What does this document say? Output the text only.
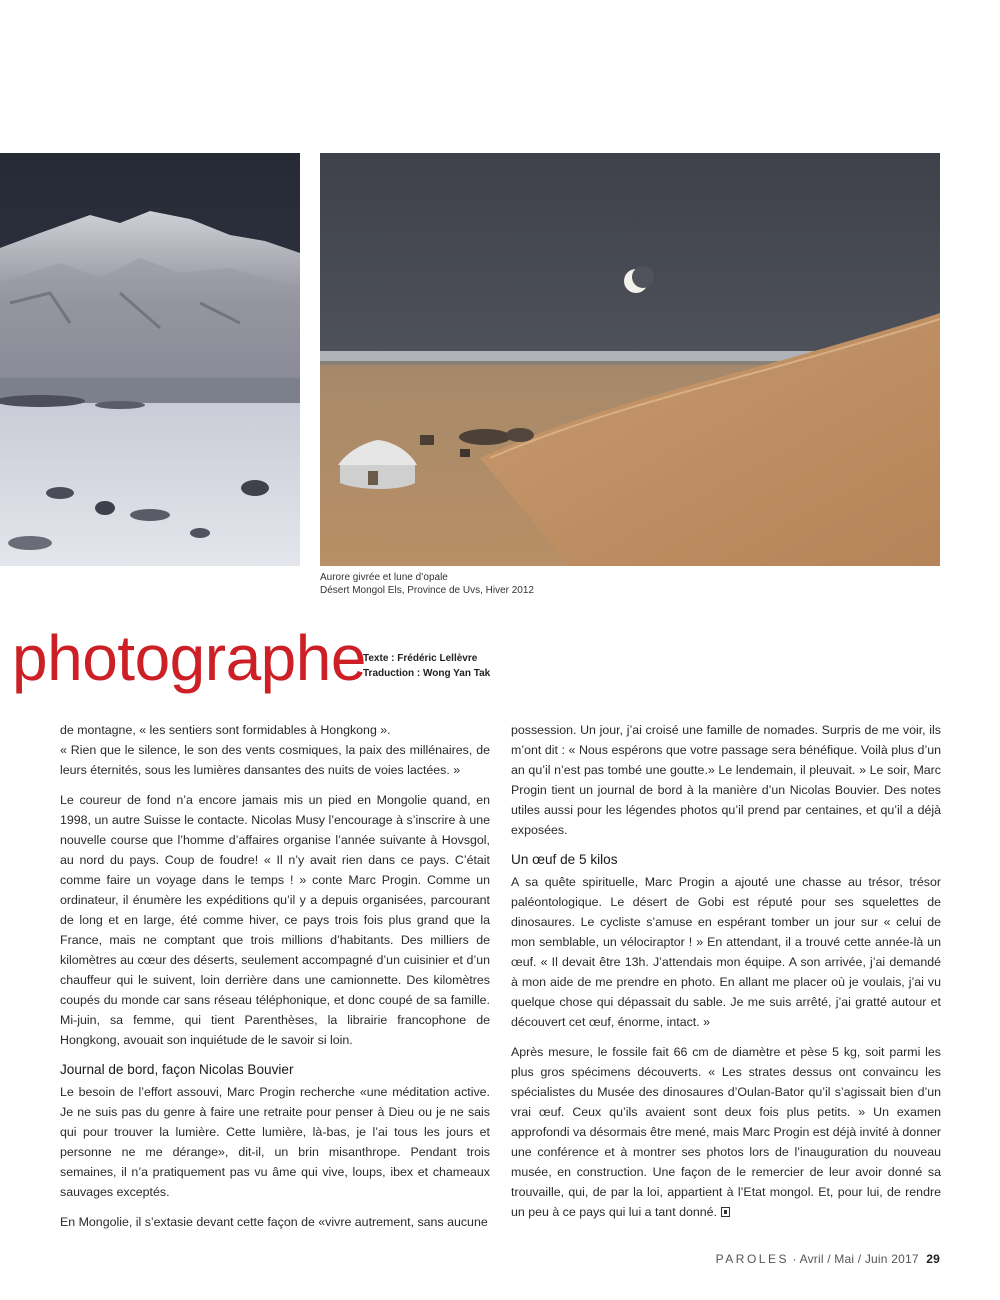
Aurore givrée et lune d’opale
Désert Mongol Els, Province de Uvs, Hiver 2012
photographe
Texte : Frédéric Lellèvre
Traduction : Wong Yan Tak

de montagne, « les sentiers sont formidables à Hongkong ».

« Rien que le silence, le son des vents cosmiques, la paix des millénaires, de leurs éternités, sous les lumières dansantes des nuits de voies lactées. »

Le coureur de fond n’a encore jamais mis un pied en Mongolie quand, en 1998, un autre Suisse le contacte. Nicolas Musy l’encourage à s’inscrire à une nouvelle course que l’homme d’affaires organise l’année suivante à Hovsgol, au nord du pays. Coup de foudre! « Il n’y avait rien dans ce pays. C’était comme faire un voyage dans le temps ! » conte Marc Progin. Comme un ordinateur, il énumère les expéditions qu’il y a depuis organisées, parcourant de long et en large, été comme hiver, ce pays trois fois plus grand que la France, mais ne comptant que trois millions d’habitants. Des milliers de kilomètres au cœur des déserts, seulement accompagné d’un cuisinier et d’un chauffeur qui le suivent, loin derrière dans une camionnette. Des kilomètres coupés du monde car sans réseau téléphonique, et donc coupé de sa famille. Mi-juin, sa femme, qui tient Parenthèses, la librairie francophone de Hongkong, avouait son inquiétude de le savoir si loin.

Journal de bord, façon Nicolas Bouvier

Le besoin de l’effort assouvi, Marc Progin recherche «une méditation active. Je ne suis pas du genre à faire une retraite pour penser à Dieu ou je ne sais qui pour trouver la lumière. Cette lumière, là-bas, je l’ai tous les jours et personne ne me dérange», dit-il, un brin misanthrope. Pendant trois semaines, il n’a pratiquement pas vu âme qui vive, loups, ibex et chameaux sauvages exceptés.

En Mongolie, il s’extasie devant cette façon de «vivre autrement, sans aucune

possession. Un jour, j’ai croisé une famille de nomades. Surpris de me voir, ils m’ont dit : « Nous espérons que votre passage sera bénéfique. Voilà plus d’un an qu’il n’est pas tombé une goutte.» Le lendemain, il pleuvait. » Le soir, Marc Progin tient un journal de bord à la manière d’un Nicolas Bouvier. Des notes utiles aussi pour les légendes photos qu’il prend par centaines, et qu’il a déjà exposées.

Un œuf de 5 kilos

A sa quête spirituelle, Marc Progin a ajouté une chasse au trésor, trésor paléontologique. Le désert de Gobi est réputé pour ses squelettes de dinosaures. Le cycliste s’amuse en espérant tomber un jour sur « celui de mon semblable, un vélociraptor ! » En attendant, il a trouvé cette année-là un œuf. « Il devait être 13h. J’attendais mon équipe. A son arrivée, j’ai demandé à mon aide de me prendre en photo. En allant me placer où je voulais, j’ai vu quelque chose qui dépassait du sable. Je me suis arrêté, j’ai gratté autour et découvert cet œuf, énorme, intact. »

Après mesure, le fossile fait 66 cm de diamètre et pèse 5 kg, soit parmi les plus gros spécimens découverts. « Les strates dessus ont convaincu les spécialistes du Musée des dinosaures d’Oulan-Bator qu’il s’agissait bien d’un vrai œuf. Ceux qu’ils avaient sont deux fois plus petits. » Un examen approfondi va désormais être mené, mais Marc Progin est déjà invité à donner une conférence et à montrer ses photos lors de l’inauguration du nouveau musée, en construction. Une façon de le remercier de leur avoir donné sa trouvaille, qui, de par la loi, appartient à l’Etat mongol. Et, pour lui, de rendre un peu à ce pays qui lui a tant donné.

PAROLES · Avril / Mai / Juin 2017 29
